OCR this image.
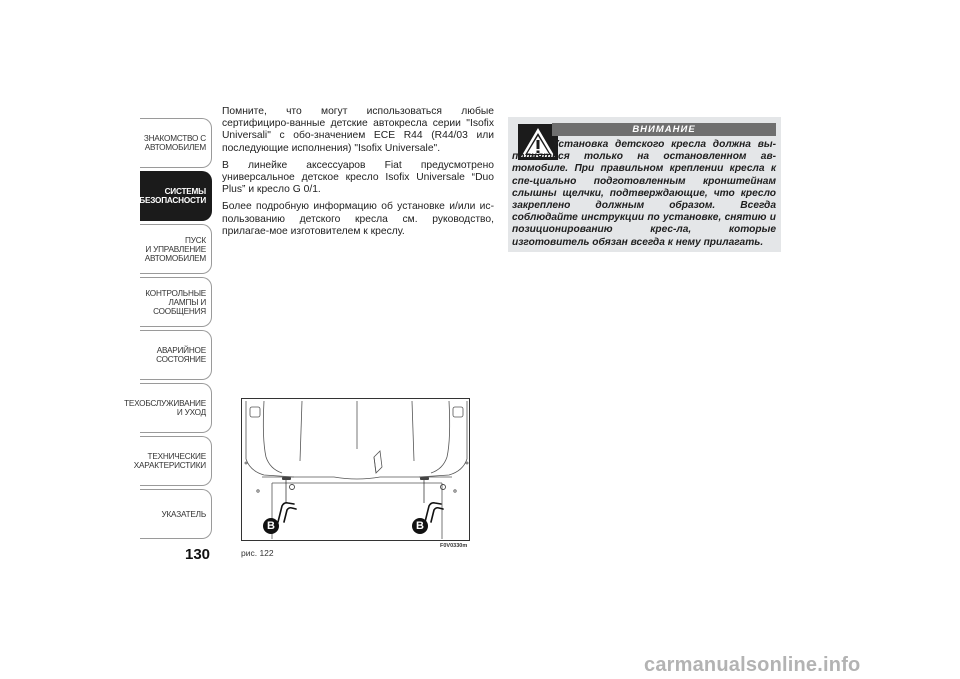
ЗНАКОМСТВО С
АВТОМОБИЛЕМ
СИСТЕМЫ
БЕЗОПАСНОСТИ
ПУСК
И УПРАВЛЕНИЕ
АВТОМОБИЛЕМ
КОНТРОЛЬНЫЕ
ЛАМПЫ И
СООБЩЕНИЯ
АВАРИЙНОЕ
СОСТОЯНИЕ
ТЕХОБСЛУЖИВАНИЕ
И УХОД
ТЕХНИЧЕСКИЕ
ХАРАКТЕРИСТИКИ
УКАЗАТЕЛЬ
130

Помните, что могут использоваться любые сертифициро-ванные детские автокресла серии "Isofix Universali" с обо-значением ECE R44 (R44/03 или последующие исполнения) "Isofix Universale".

В линейке аксессуаров Fiat предусмотрено универсальное детское кресло Isofix Universale “Duo Plus” и кресло G 0/1.

Более подробную информацию об установке и/или ис-пользованию детского кресла см. руководство, прилагае-мое изготовителем к креслу.

ВНИМАНИЕ
Установка детского кресла должна вы-полняться только на остановленном ав-томобиле. При правильном креплении кресла к спе-циально подготовленным кронштейнам слышны щелчки, подтверждающие, что кресло закреплено должным образом. Всегда соблюдайте инструкции по установке, снятию и позиционированию крес-ла, которые изготовитель обязан всегда к нему прилагать.
B	B
рис. 122
F0V0330m
carmanualsonline.info
